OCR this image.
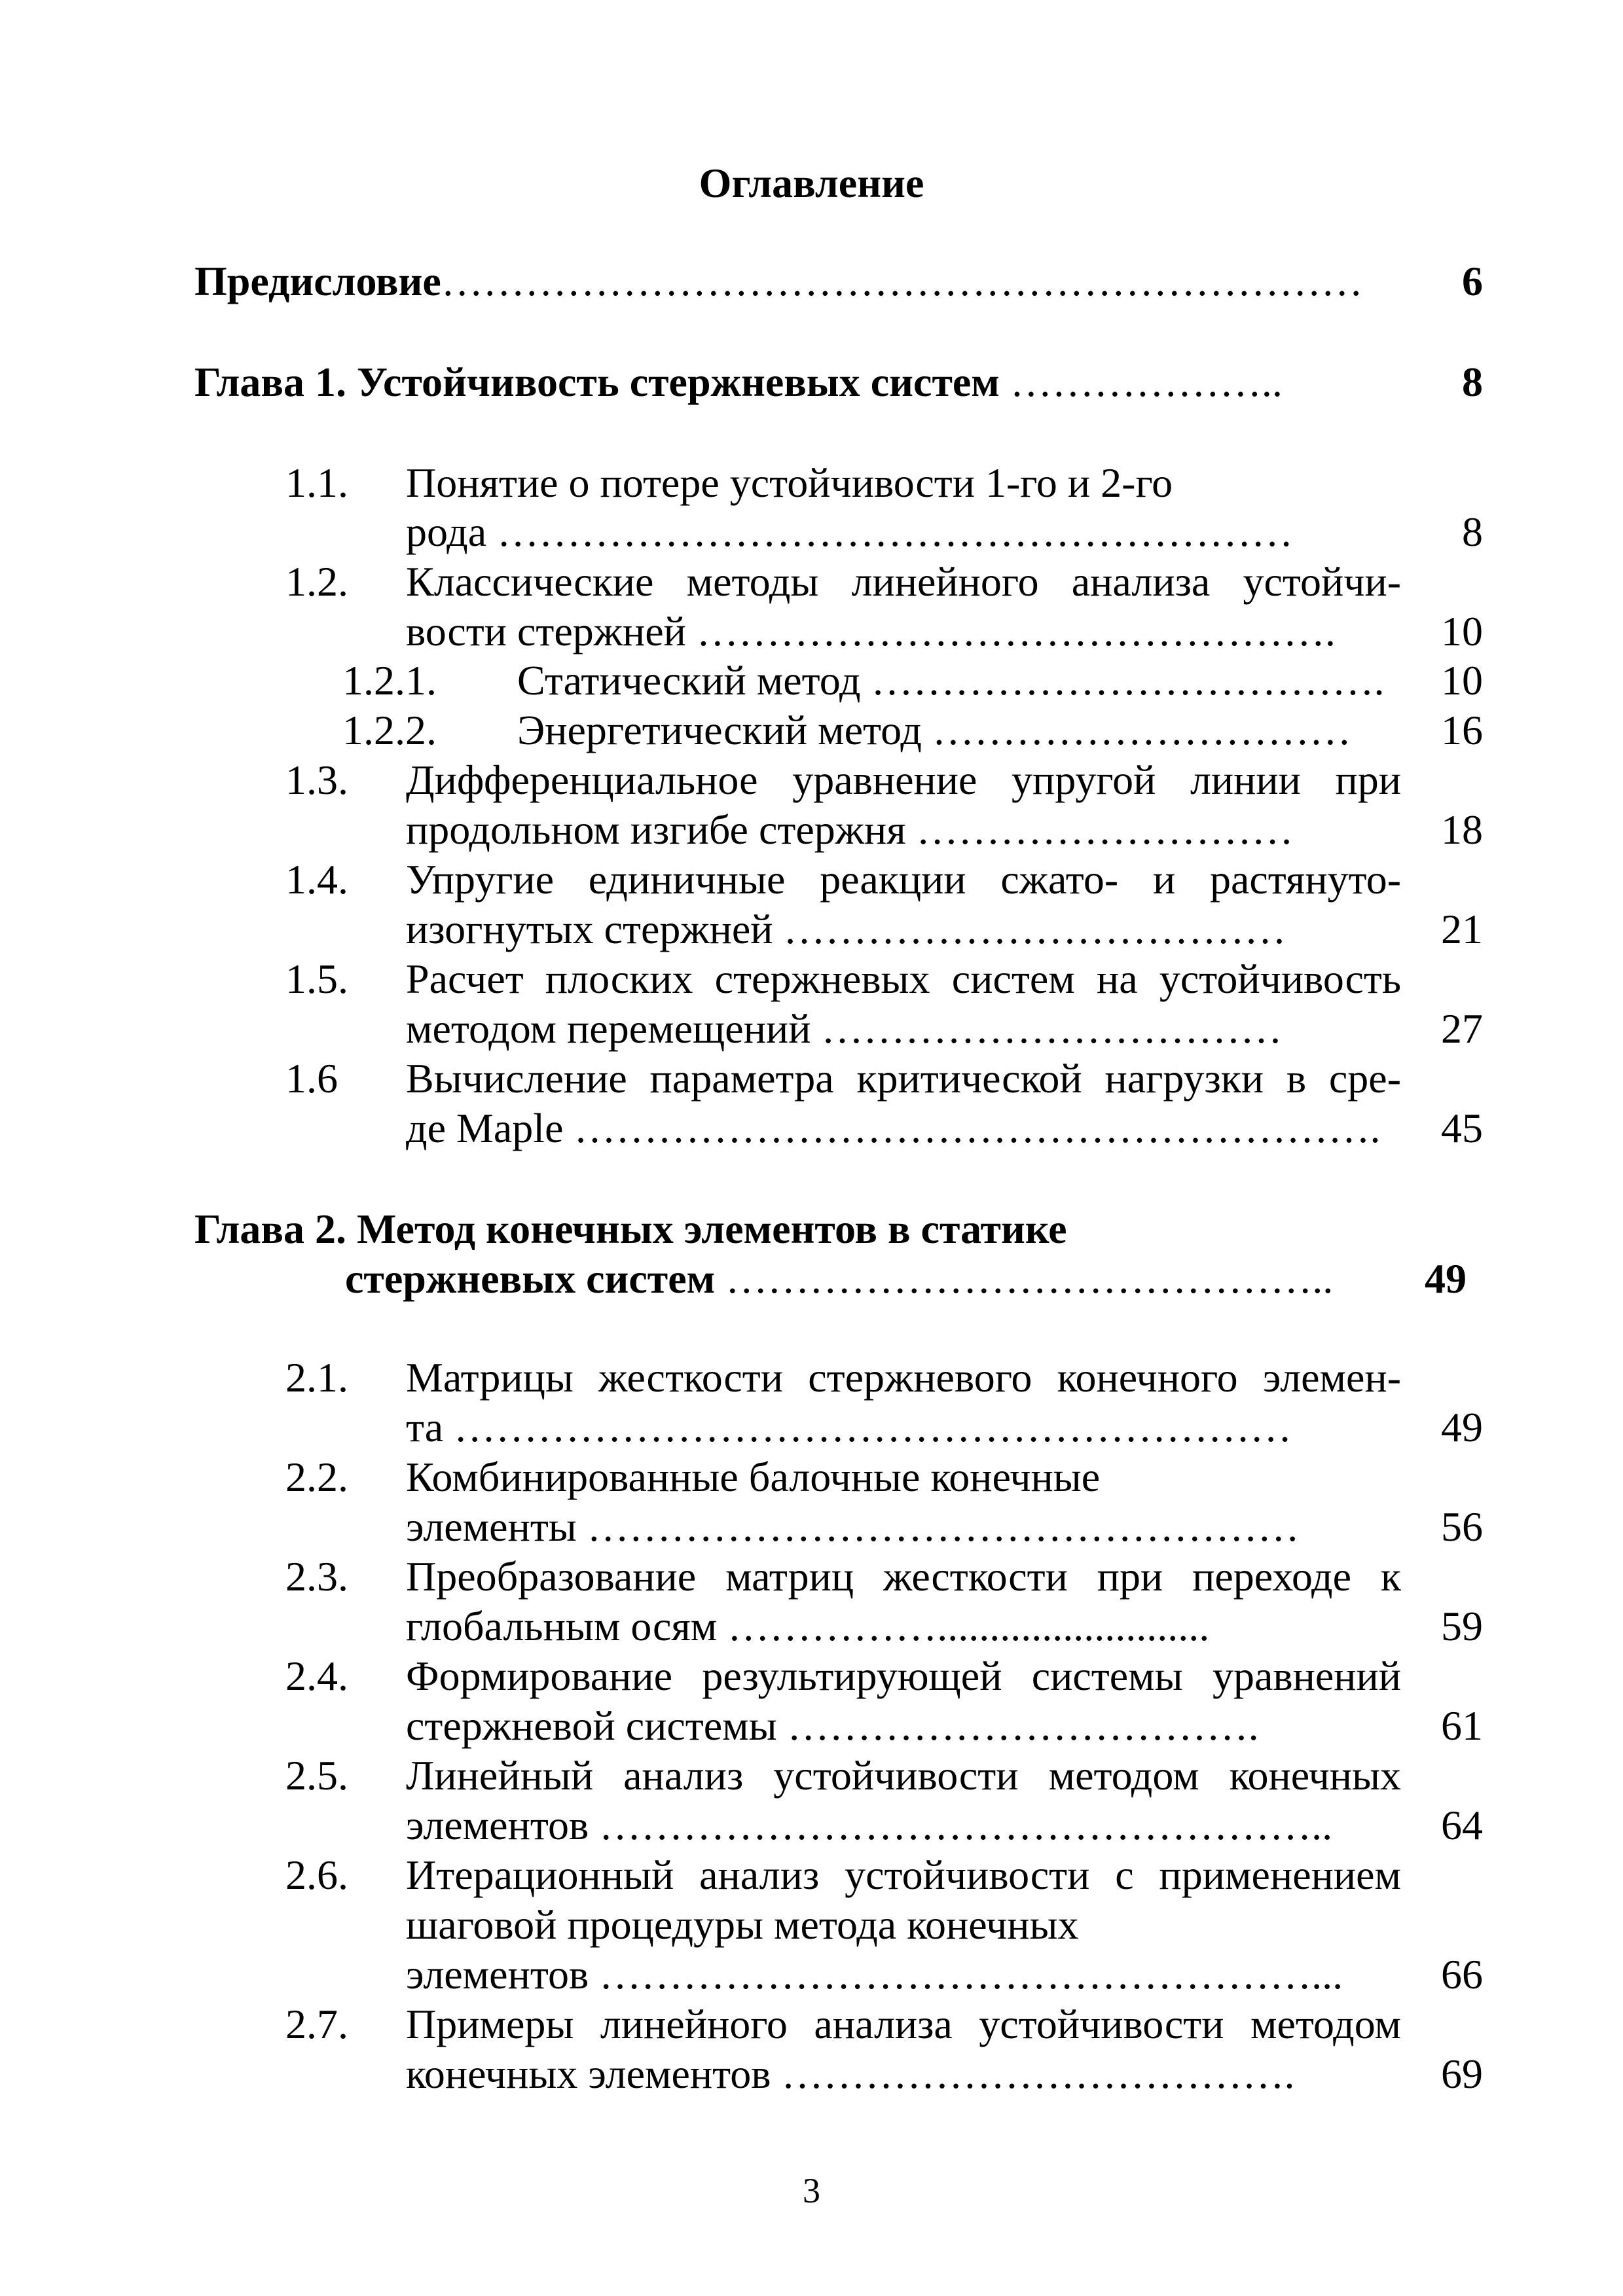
Оглавление
Предисловие…………………………………………………………	6
Глава 1. Устойчивость стержневых систем ………………..	8
1.1. Понятие о потере устойчивости 1-го и 2-го
рода …………………………………………………	8
1.2. Классические методы линейного анализа устойчи-
вости стержней ……………………………………….	10
1.2.1. Статический метод ……………………………….	10
1.2.2. Энергетический метод …………………………	16
1.3. Дифференциальное уравнение упругой линии при
продольном изгибе стержня ………………………	18
1.4. Упругие единичные реакции сжато- и растянуто-
изогнутых стержней ………………………………	21
1.5. Расчет плоских стержневых систем на устойчивость
методом перемещений ……………………………	27
1.6 Вычисление параметра критической нагрузки в сре-
де Maple ………………………………………………….	45
Глава 2. Метод конечных элементов в статике
стержневых систем ……………………………………..	49
2.1. Матрицы жесткости стержневого конечного элемен-
та ……………………………………………………	49
2.2. Комбинированные балочные конечные
элементы ……………………………………………	56
2.3. Преобразование матриц жесткости при переходе к
глобальным осям ……………..........................	59
2.4. Формирование результирующей системы уравнений
стержневой системы …………………………….	61
2.5. Линейный анализ устойчивости методом конечных
элементов ……………………………………………..	64
2.6. Итерационный анализ устойчивости с применением
шаговой процедуры метода конечных
элементов ……………………………………………...	66
2.7. Примеры линейного анализа устойчивости методом
конечных элементов ……………………………….	69
3
